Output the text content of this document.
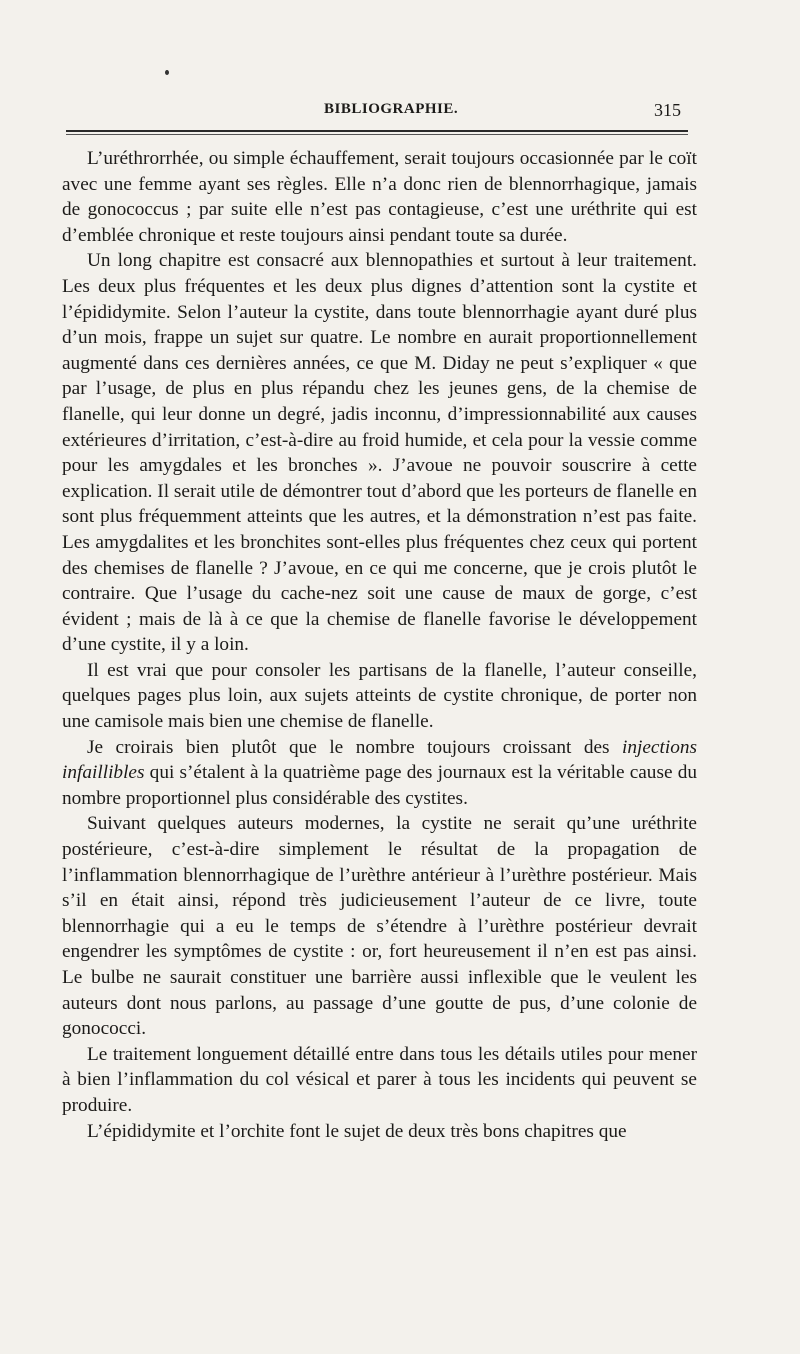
BIBLIOGRAPHIE.	315

L’uréthrorrhée, ou simple échauffement, serait toujours occasionnée par le coït avec une femme ayant ses règles. Elle n’a donc rien de blennorrhagique, jamais de gonococcus ; par suite elle n’est pas contagieuse, c’est une uréthrite qui est d’emblée chronique et reste toujours ainsi pendant toute sa durée.

Un long chapitre est consacré aux blennopathies et surtout à leur traitement. Les deux plus fréquentes et les deux plus dignes d’attention sont la cystite et l’épididymite. Selon l’auteur la cystite, dans toute blennorrhagie ayant duré plus d’un mois, frappe un sujet sur quatre. Le nombre en aurait proportionnellement augmenté dans ces dernières années, ce que M. Diday ne peut s’expliquer « que par l’usage, de plus en plus répandu chez les jeunes gens, de la chemise de flanelle, qui leur donne un degré, jadis inconnu, d’impressionnabilité aux causes extérieures d’irritation, c’est-à-dire au froid humide, et cela pour la vessie comme pour les amygdales et les bronches ». J’avoue ne pouvoir souscrire à cette explication. Il serait utile de démontrer tout d’abord que les porteurs de flanelle en sont plus fréquemment atteints que les autres, et la démonstration n’est pas faite. Les amygdalites et les bronchites sont-elles plus fréquentes chez ceux qui portent des chemises de flanelle ? J’avoue, en ce qui me concerne, que je crois plutôt le contraire. Que l’usage du cache-nez soit une cause de maux de gorge, c’est évident ; mais de là à ce que la chemise de flanelle favorise le développement d’une cystite, il y a loin.

Il est vrai que pour consoler les partisans de la flanelle, l’auteur conseille, quelques pages plus loin, aux sujets atteints de cystite chronique, de porter non une camisole mais bien une chemise de flanelle.

Je croirais bien plutôt que le nombre toujours croissant des injections infaillibles qui s’étalent à la quatrième page des journaux est la véritable cause du nombre proportionnel plus considérable des cystites.

Suivant quelques auteurs modernes, la cystite ne serait qu’une uréthrite postérieure, c’est-à-dire simplement le résultat de la propagation de l’inflammation blennorrhagique de l’urèthre antérieur à l’urèthre postérieur. Mais s’il en était ainsi, répond très judicieusement l’auteur de ce livre, toute blennorrhagie qui a eu le temps de s’étendre à l’urèthre postérieur devrait engendrer les symptômes de cystite : or, fort heureusement il n’en est pas ainsi. Le bulbe ne saurait constituer une barrière aussi inflexible que le veulent les auteurs dont nous parlons, au passage d’une goutte de pus, d’une colonie de gonococci.

Le traitement longuement détaillé entre dans tous les détails utiles pour mener à bien l’inflammation du col vésical et parer à tous les incidents qui peuvent se produire.

L’épididymite et l’orchite font le sujet de deux très bons chapitres que
